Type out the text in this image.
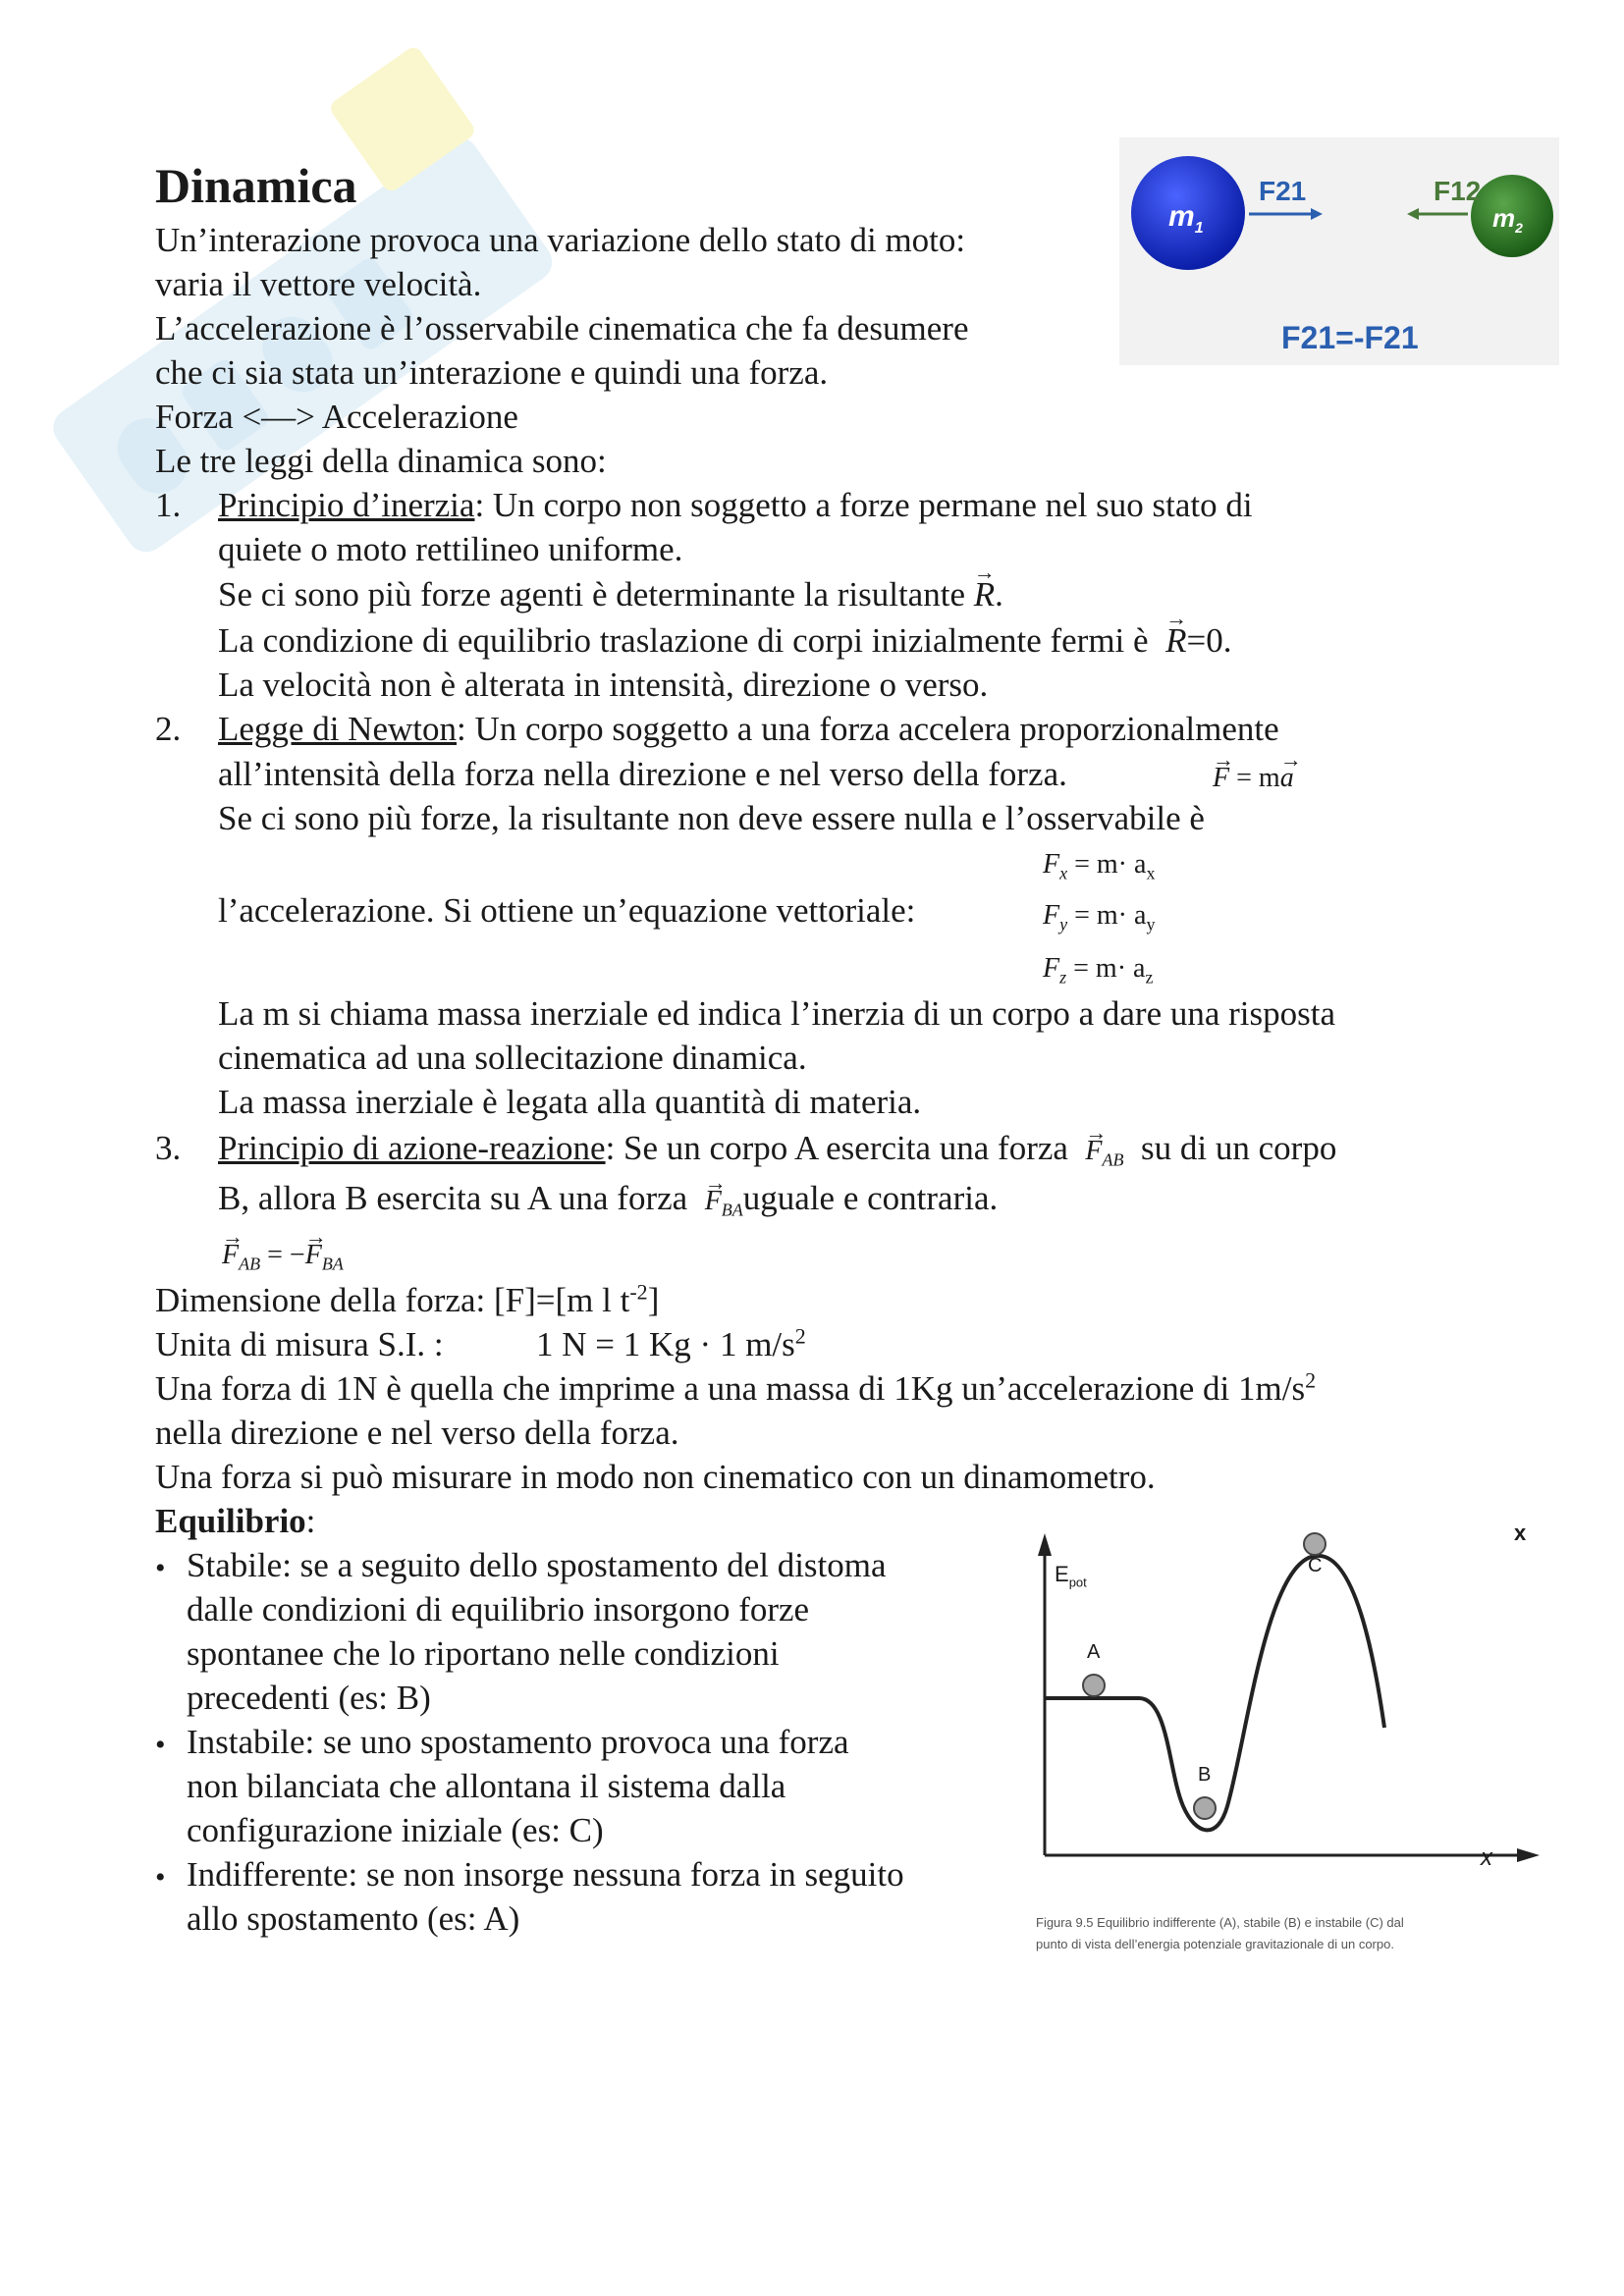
Dinamica
$m_1$	$m_2$
F21	F12
F21=-F21
Un’interazione provoca una variazione dello stato di moto:
varia il vettore velocità.
L’accelerazione è l’osservabile cinematica che fa desumere
che ci sia stata un’interazione e quindi una forza.
Forza <—> Accelerazione
Le tre leggi della dinamica sono:
1. Principio d’inerzia: Un corpo non soggetto a forze permane nel suo stato di
quiete o moto rettilineo uniforme.
Se ci sono più forze agenti è determinante la risultante → R.
La condizione di equilibrio traslazione di corpi inizialmente fermi è → R=0.
La velocità non è alterata in intensità, direzione o verso.
2. Legge di Newton: Un corpo soggetto a una forza accelera proporzionalmente
all’intensità della forza nella direzione e nel verso della forza.	→ F = m→ a
Se ci sono più forze, la risultante non deve essere nulla e l’osservabile è
$F_x = m\cdot a_x$
l’accelerazione. Si ottiene un’equazione vettoriale:	$F_y = m\cdot a_y$
$F_z = m\cdot a_z$
La m si chiama massa inerziale ed indica l’inerzia di un corpo a dare una risposta
cinematica ad una sollecitazione dinamica.
La massa inerziale è legata alla quantità di materia.
3. Principio di azione-reazione: Se un corpo A esercita una forza → $F_{AB}$ su di un corpo
B, allora B esercita su A una forza → $F_{BA}uguale$ e contraria.
→ $F_{AB}$ = −→ $F_{BA}$
Dimensione della forza: [F]=[m l $t^{-2}$]
Unita di misura S.I. :	1 N = 1 Kg · 1 $m/s^2$
Una forza di 1N è quella che imprime a una massa di 1Kg un’accelerazione di $1m/s^2$
nella direzione e nel verso della forza.
Una forza si può misurare in modo non cinematico con un dinamometro.
Equilibrio:
• Stabile: se a seguito dello spostamento del distoma
dalle condizioni di equilibrio insorgono forze
spontanee che lo riportano nelle condizioni
precedenti (es: B)
• Instabile: se uno spostamento provoca una forza
non bilanciata che allontana il sistema dalla
configurazione iniziale (es: C)
• Indifferente: se non insorge nessuna forza in seguito
allo spostamento (es: A)
$E_{pot}$
x
x
A
B
C
Figura 9.5 Equilibrio indifferente (A), stabile (B) e instabile (C) dal
punto di vista dell’energia potenziale gravitazionale di un corpo.
